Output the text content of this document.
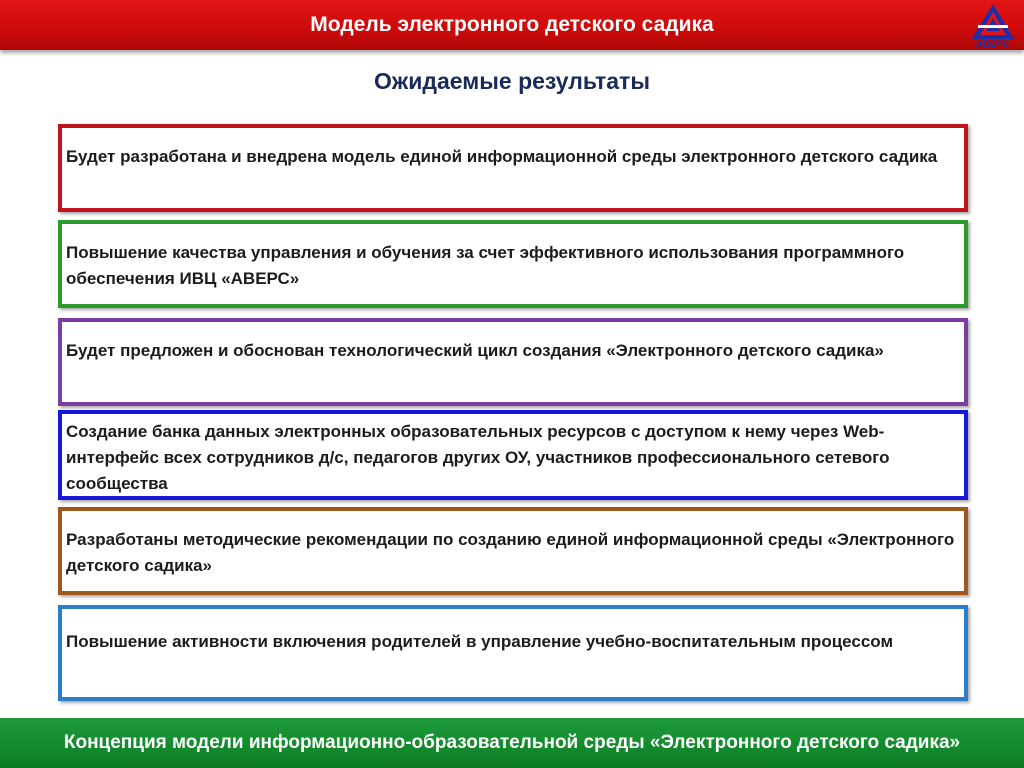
Модель электронного детского садика
АВЕРС
Ожидаемые результаты
Будет разработана и внедрена модель единой информационной среды электронного детского садика
Повышение качества управления и обучения за счет эффективного использования программного обеспечения ИВЦ «АВЕРС»
Будет предложен и обоснован технологический цикл создания «Электронного детского садика»
Создание банка данных электронных образовательных ресурсов с доступом к нему через Web-интерфейс всех сотрудников д/с, педагогов других ОУ, участников профессионального сетевого сообщества
Разработаны методические рекомендации по созданию единой информационной среды «Электронного детского садика»
Повышение активности включения родителей в управление учебно-воспитательным процессом
Концепция модели информационно-образовательной среды «Электронного детского садика»
